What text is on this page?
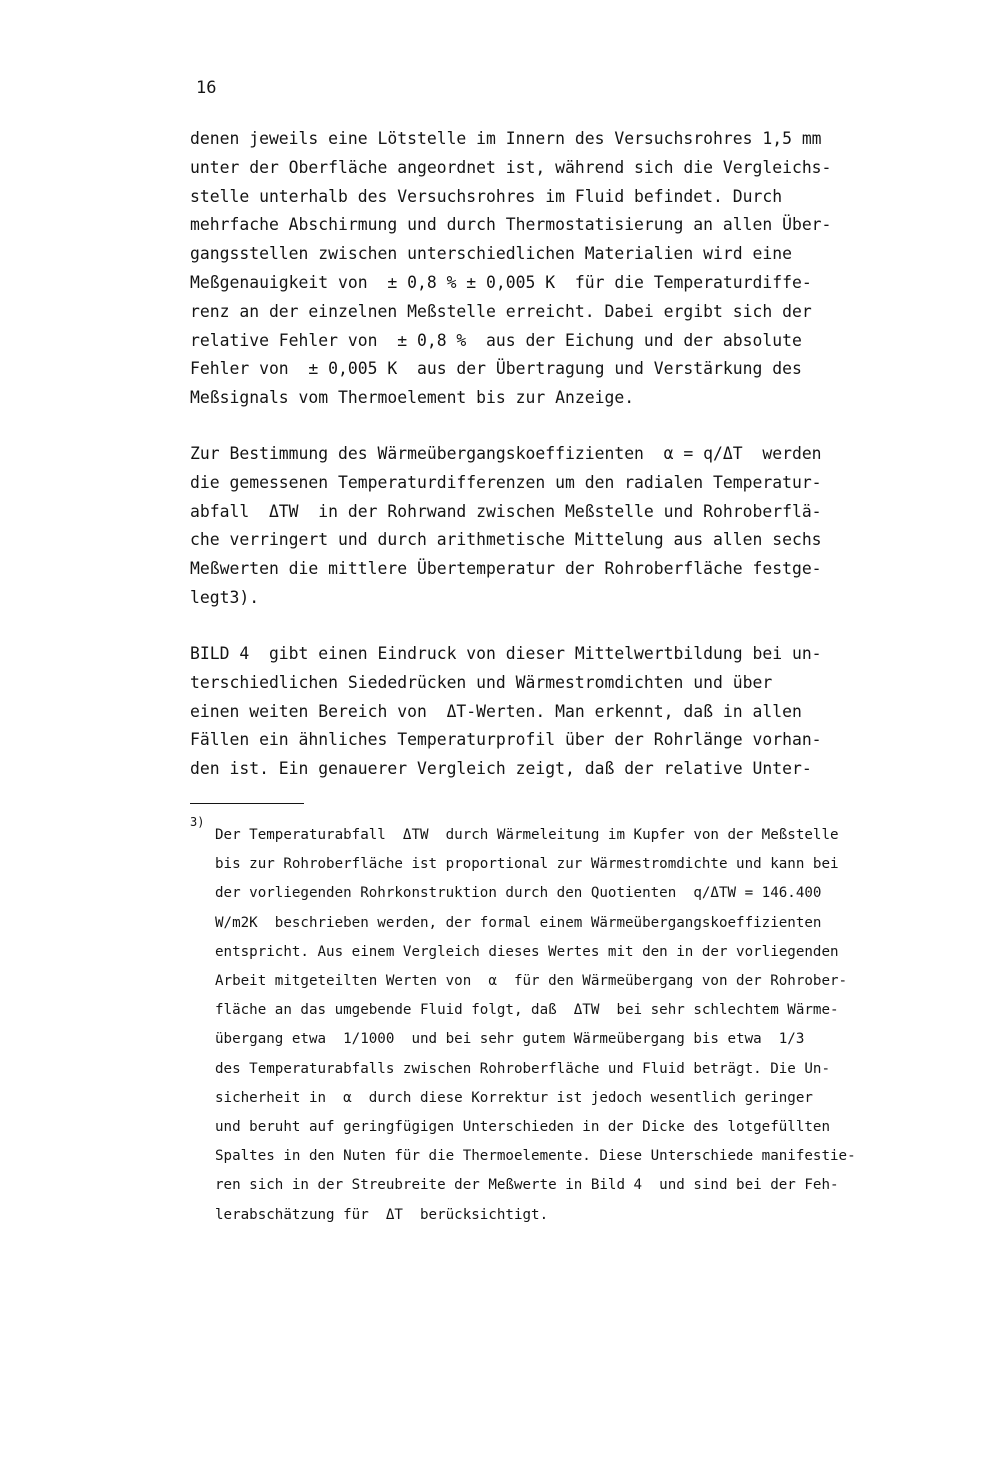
16
denen jeweils eine Lötstelle im Innern des Versuchsrohres 1,5 mm
unter der Oberfläche angeordnet ist, während sich die Vergleichs-
stelle unterhalb des Versuchsrohres im Fluid befindet. Durch
mehrfache Abschirmung und durch Thermostatisierung an allen Über-
gangsstellen zwischen unterschiedlichen Materialien wird eine
Meßgenauigkeit von  ± 0,8 % ± 0,005 K  für die Temperaturdiffe-
renz an der einzelnen Meßstelle erreicht. Dabei ergibt sich der
relative Fehler von  ± 0,8 %  aus der Eichung und der absolute
Fehler von  ± 0,005 K  aus der Übertragung und Verstärkung des
Meßsignals vom Thermoelement bis zur Anzeige.
Zur Bestimmung des Wärmeübergangskoeffizienten  α = q/ΔT  werden
die gemessenen Temperaturdifferenzen um den radialen Temperatur-
abfall  ΔTW  in der Rohrwand zwischen Meßstelle und Rohroberflä-
che verringert und durch arithmetische Mittelung aus allen sechs
Meßwerten die mittlere Übertemperatur der Rohroberfläche festge-
legt3).
BILD 4  gibt einen Eindruck von dieser Mittelwertbildung bei un-
terschiedlichen Siededrücken und Wärmestromdichten und über
einen weiten Bereich von  ΔT-Werten. Man erkennt, daß in allen
Fällen ein ähnliches Temperaturprofil über der Rohrlänge vorhan-
den ist. Ein genauerer Vergleich zeigt, daß der relative Unter-
3)
Der Temperaturabfall  ΔTW  durch Wärmeleitung im Kupfer von der Meßstelle
bis zur Rohroberfläche ist proportional zur Wärmestromdichte und kann bei
der vorliegenden Rohrkonstruktion durch den Quotienten  q/ΔTW = 146.400
W/m2K  beschrieben werden, der formal einem Wärmeübergangskoeffizienten
entspricht. Aus einem Vergleich dieses Wertes mit den in der vorliegenden
Arbeit mitgeteilten Werten von  α  für den Wärmeübergang von der Rohrober-
fläche an das umgebende Fluid folgt, daß  ΔTW  bei sehr schlechtem Wärme-
übergang etwa  1/1000  und bei sehr gutem Wärmeübergang bis etwa  1/3
des Temperaturabfalls zwischen Rohroberfläche und Fluid beträgt. Die Un-
sicherheit in  α  durch diese Korrektur ist jedoch wesentlich geringer
und beruht auf geringfügigen Unterschieden in der Dicke des lotgefüllten
Spaltes in den Nuten für die Thermoelemente. Diese Unterschiede manifestie-
ren sich in der Streubreite der Meßwerte in Bild 4  und sind bei der Feh-
lerabschätzung für  ΔT  berücksichtigt.
